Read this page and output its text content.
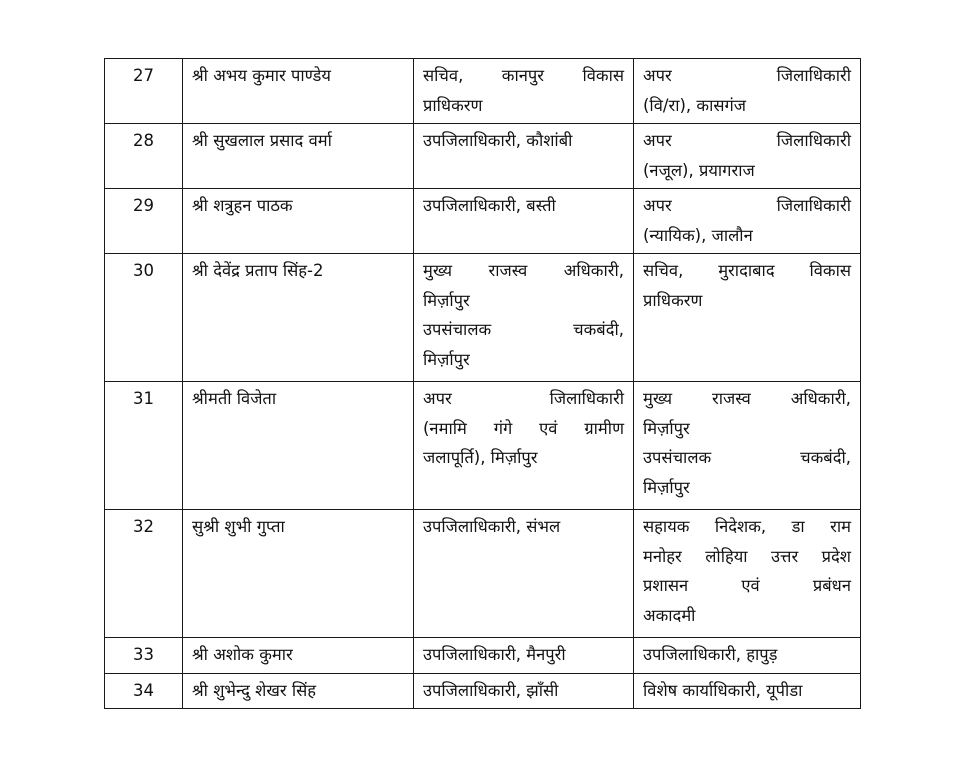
27	श्री अभय कुमार पाण्डेय	सचिव, कानपुर विकास
प्राधिकरण	अपर जिलाधिकारी
(वि/रा), कासगंज

28	श्री सुखलाल प्रसाद वर्मा	उपजिलाधिकारी, कौशांबी	अपर जिलाधिकारी
(नजूल), प्रयागराज

29	श्री शत्रुहन पाठक	उपजिलाधिकारी, बस्ती	अपर जिलाधिकारी
(न्यायिक), जालौन

30	श्री देवेंद्र प्रताप सिंह-2	मुख्य राजस्व अधिकारी,
मिर्ज़ापुर
उपसंचालक चकबंदी,
मिर्ज़ापुर	सचिव, मुरादाबाद विकास
प्राधिकरण

31	श्रीमती विजेता	अपर जिलाधिकारी
(नमामि गंगे एवं ग्रामीण
जलापूर्ति), मिर्ज़ापुर	मुख्य राजस्व अधिकारी,
मिर्ज़ापुर
उपसंचालक चकबंदी,
मिर्ज़ापुर

32	सुश्री शुभी गुप्ता	उपजिलाधिकारी, संभल	सहायक निदेशक, डा राम
मनोहर लोहिया उत्तर प्रदेश
प्रशासन एवं प्रबंधन
अकादमी

33	श्री अशोक कुमार	उपजिलाधिकारी, मैनपुरी	उपजिलाधिकारी, हापुड़

34	श्री शुभेन्दु शेखर सिंह	उपजिलाधिकारी, झाँसी	विशेष कार्याधिकारी, यूपीडा
